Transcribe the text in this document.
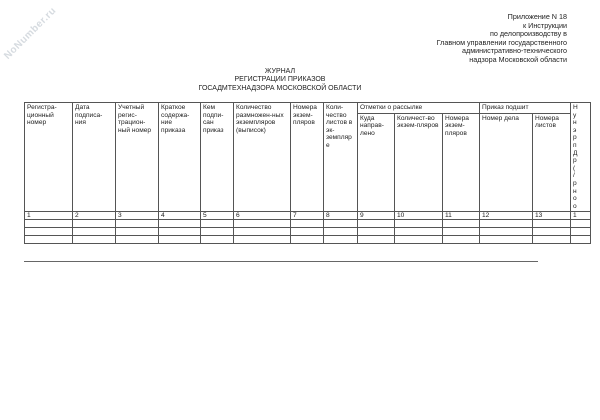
NoNumber.ru	Приложение N 18
к Инструкции
по делопроизводству в
Главном управлении государственного
административно-технического
надзора Московской области
ЖУРНАЛ
РЕГИСТРАЦИИ ПРИКАЗОВ
ГОСАДМТЕХНАДЗОРА МОСКОВСКОЙ ОБЛАСТИ
Регистра-ционный номер	Дата подписа-ния	Учетный регис-трацион-ный номер	Краткое содержа-ние приказа	Кем подпи-сан приказ	Количество размножен-ных экземпляров (выписок)	Номера экзем-пляров	Коли-чество листов в эк-земпляре	Отметки о рассылке			Приказ подшит		Нунэрп Др(/рноо

								Куда направ-лено	Количест-во экзем-пляров	Номера экзем-пляров	Номер дела	Номера листов	
1	2	3	4	5	6	7	8	9	10	11	12	13	1
